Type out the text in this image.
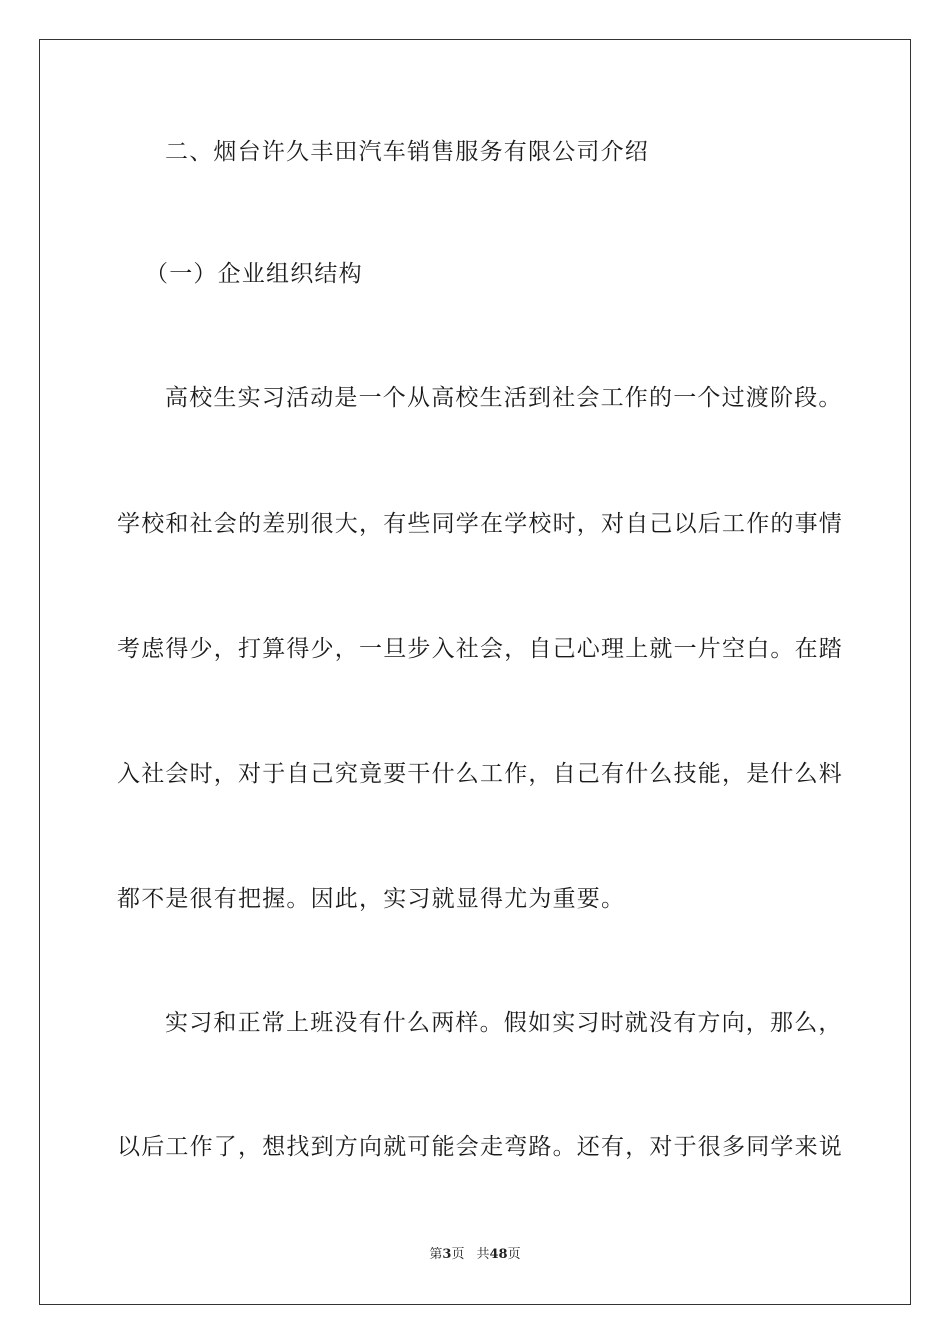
二、烟台许久丰田汽车销售服务有限公司介绍
（一）企业组织结构
高校生实习活动是一个从高校生活到社会工作的一个过渡阶段。
学校和社会的差别很大，有些同学在学校时，对自己以后工作的事情
考虑得少，打算得少，一旦步入社会，自己心理上就一片空白。在踏
入社会时，对于自己究竟要干什么工作，自己有什么技能，是什么料
都不是很有把握。因此，实习就显得尤为重要。
实习和正常上班没有什么两样。假如实习时就没有方向，那么，
以后工作了，想找到方向就可能会走弯路。还有，对于很多同学来说
第3页 共48页
